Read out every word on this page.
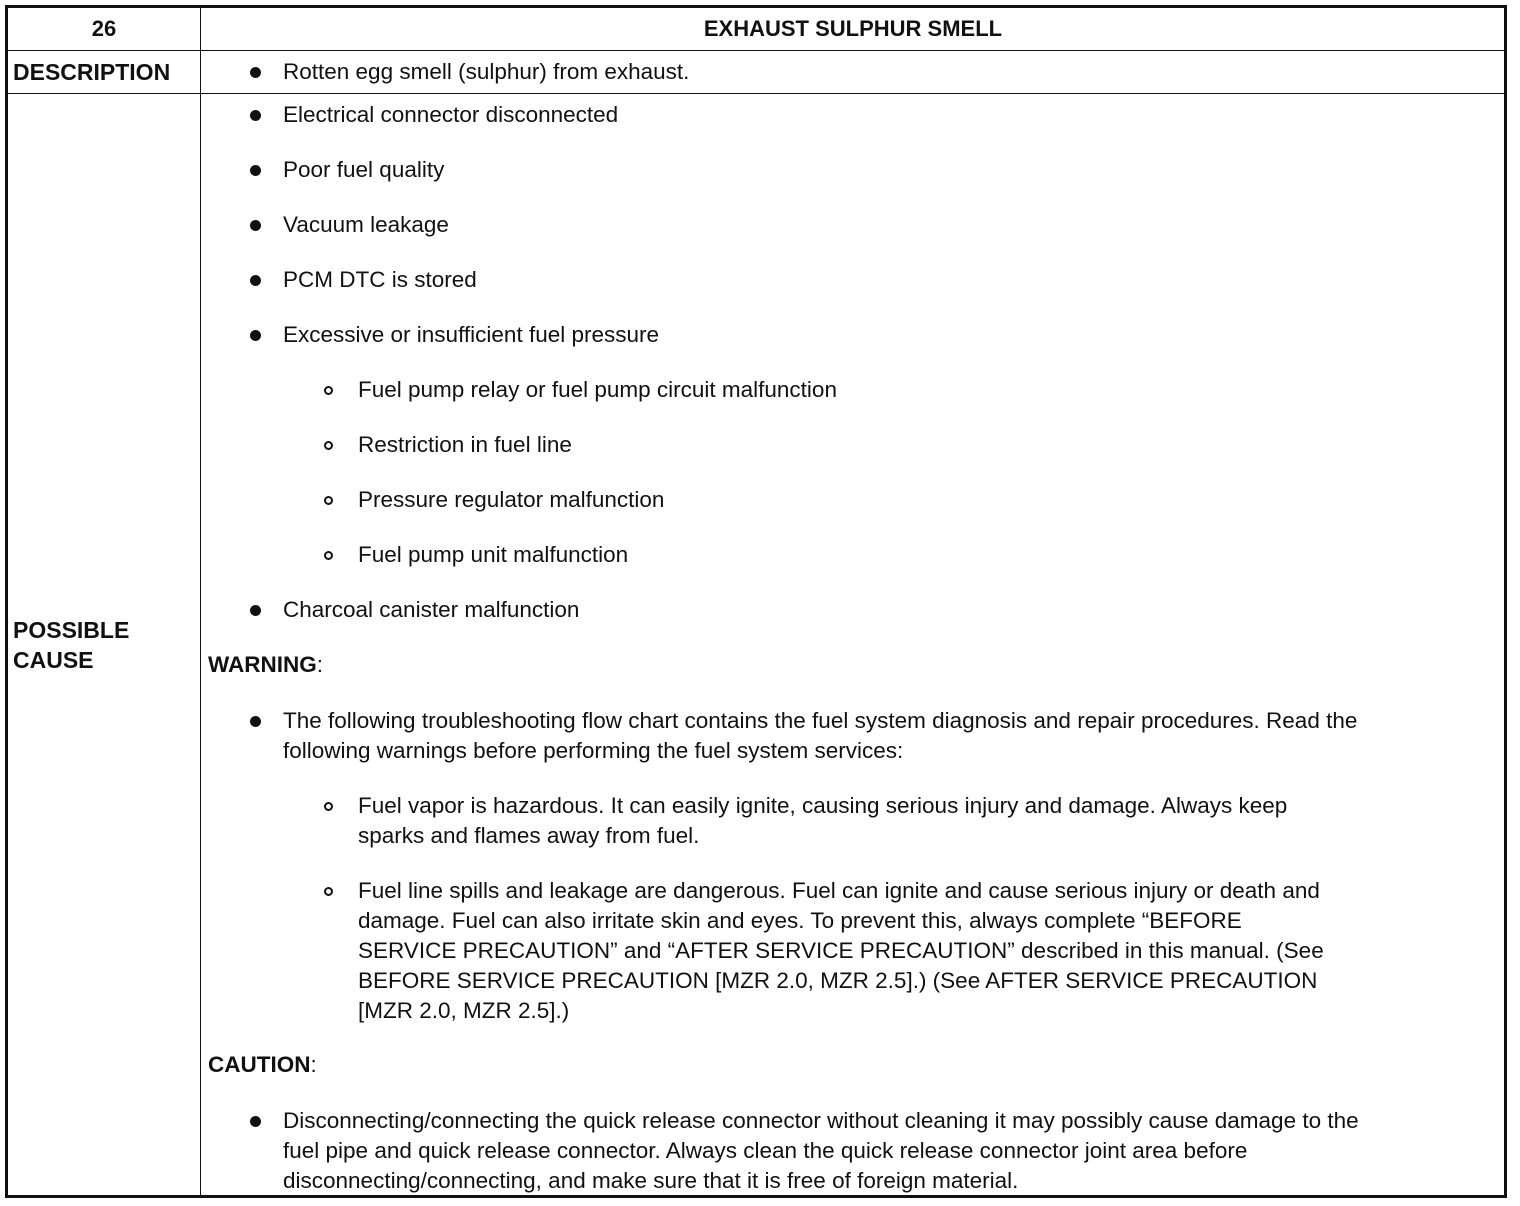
26	EXHAUST SULPHUR SMELL
DESCRIPTION	Rotten egg smell (sulphur) from exhaust.
POSSIBLE
CAUSE
Electrical connector disconnected
Poor fuel quality
Vacuum leakage
PCM DTC is stored
Excessive or insufficient fuel pressure
Fuel pump relay or fuel pump circuit malfunction
Restriction in fuel line
Pressure regulator malfunction
Fuel pump unit malfunction
Charcoal canister malfunction
WARNING:
The following troubleshooting flow chart contains the fuel system diagnosis and repair procedures. Read the
following warnings before performing the fuel system services:
Fuel vapor is hazardous. It can easily ignite, causing serious injury and damage. Always keep
sparks and flames away from fuel.
Fuel line spills and leakage are dangerous. Fuel can ignite and cause serious injury or death and
damage. Fuel can also irritate skin and eyes. To prevent this, always complete “BEFORE
SERVICE PRECAUTION” and “AFTER SERVICE PRECAUTION” described in this manual. (See
BEFORE SERVICE PRECAUTION [MZR 2.0, MZR 2.5].) (See AFTER SERVICE PRECAUTION
[MZR 2.0, MZR 2.5].)
CAUTION:
Disconnecting/connecting the quick release connector without cleaning it may possibly cause damage to the
fuel pipe and quick release connector. Always clean the quick release connector joint area before
disconnecting/connecting, and make sure that it is free of foreign material.
